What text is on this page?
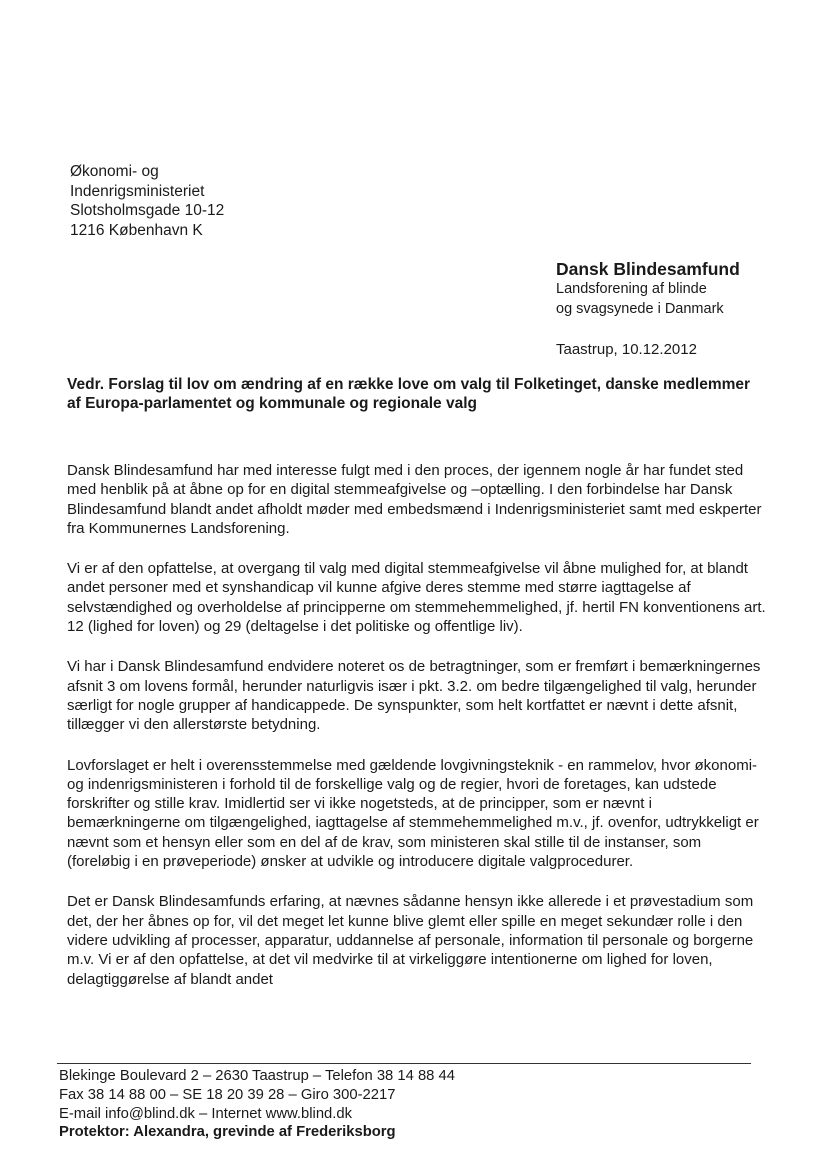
Økonomi- og
Indenrigsministeriet
Slotsholmsgade 10-12
1216 København K
Dansk Blindesamfund
Landsforening af blinde
og svagsynede i Danmark
Taastrup, 10.12.2012
Vedr. Forslag til lov om ændring af en række love om valg til Folketinget, danske medlemmer af Europa-parlamentet og kommunale og regionale valg

Dansk Blindesamfund har med interesse fulgt med i den proces, der igennem nogle år har fundet sted med henblik på at åbne op for en digital stemmeafgivelse og –optælling. I den forbindelse har Dansk Blindesamfund blandt andet afholdt møder med embedsmænd i Indenrigsministeriet samt med eskperter fra Kommunernes Landsforening.

Vi er af den opfattelse, at overgang til valg med digital stemmeafgivelse vil åbne mulighed for, at blandt andet personer med et synshandicap vil kunne afgive deres stemme med større iagttagelse af selvstændighed og overholdelse af principperne om stemmehemmelighed, jf. hertil FN konventionens art. 12 (lighed for loven) og 29 (deltagelse i det politiske og offentlige liv).

Vi har i Dansk Blindesamfund endvidere noteret os de betragtninger, som er fremført i bemærkningernes afsnit 3 om lovens formål, herunder naturligvis især i pkt. 3.2. om bedre tilgængelighed til valg, herunder særligt for nogle grupper af handicappede. De synspunkter, som helt kortfattet er nævnt i dette afsnit, tillægger vi den allerstørste betydning.

Lovforslaget er helt i overensstemmelse med gældende lovgivningsteknik - en rammelov, hvor økonomi- og indenrigsministeren i forhold til de forskellige valg og de regier, hvori de foretages, kan udstede forskrifter og stille krav. Imidlertid ser vi ikke nogetsteds, at de principper, som er nævnt i bemærkningerne om tilgængelighed, iagttagelse af stemmehemmelighed m.v., jf. ovenfor, udtrykkeligt er nævnt som et hensyn eller som en del af de krav, som ministeren skal stille til de instanser, som (foreløbig i en prøveperiode) ønsker at udvikle og introducere digitale valgprocedurer.

Det er Dansk Blindesamfunds erfaring, at nævnes sådanne hensyn ikke allerede i et prøvestadium som det, der her åbnes op for, vil det meget let kunne blive glemt eller spille en meget sekundær rolle i den videre udvikling af processer, apparatur, uddannelse af personale, information til personale og borgerne m.v. Vi er af den opfattelse, at det vil medvirke til at virkeliggøre intentionerne om lighed for loven, delagtiggørelse af blandt andet

Blekinge Boulevard 2 – 2630 Taastrup – Telefon 38 14 88 44
Fax 38 14 88 00 – SE 18 20 39 28 – Giro 300-2217
E-mail info@blind.dk – Internet www.blind.dk
Protektor: Alexandra, grevinde af Frederiksborg
